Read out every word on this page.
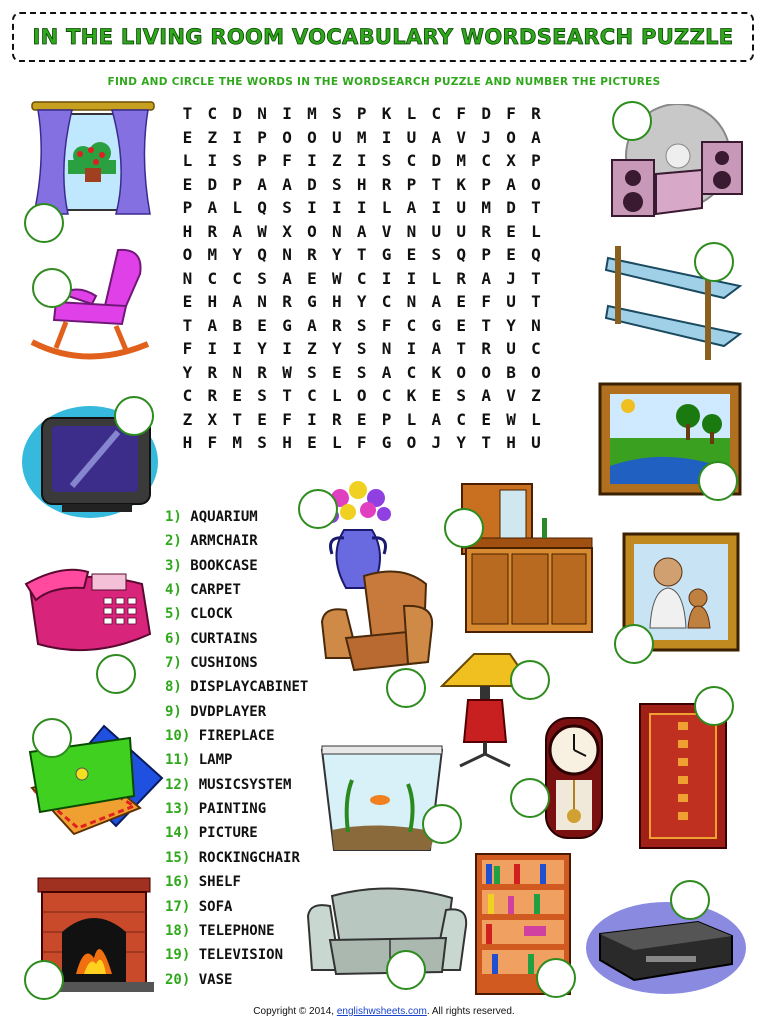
IN THE LIVING ROOM VOCABULARY WORDSEARCH PUZZLE
FIND AND CIRCLE THE WORDS IN THE WORDSEARCH PUZZLE AND NUMBER THE PICTURES
T C D N I M S P K L C F D F R
E Z I P O O U M I U A V J O A
L I S P F I Z I S C D M C X P
E D P A A D S H R P T K P A O
P A L Q S I I I L A I U M D T
H R A W X O N A V N U U R E L
O M Y Q N R Y T G E S Q P E Q
N C C S A E W C I I L R A J T
E H A N R G H Y C N A E F U T
T A B E G A R S F C G E T Y N
F I I Y I Z Y S N I A T R U C
Y R N R W S E S A C K O O B O
C R E S T C L O C K E S A V Z
Z X T E F I R E P L A C E W L
H F M S H E L F G O J Y T H U
1) AQUARIUM
2) ARMCHAIR
3) BOOKCASE
4) CARPET
5) CLOCK
6) CURTAINS
7) CUSHIONS
8) DISPLAYCABINET
9) DVDPLAYER
10) FIREPLACE
11) LAMP
12) MUSICSYSTEM
13) PAINTING
14) PICTURE
15) ROCKINGCHAIR
16) SHELF
17) SOFA
18) TELEPHONE
19) TELEVISION
20) VASE
Copyright © 2014, englishwsheets.com. All rights reserved.
